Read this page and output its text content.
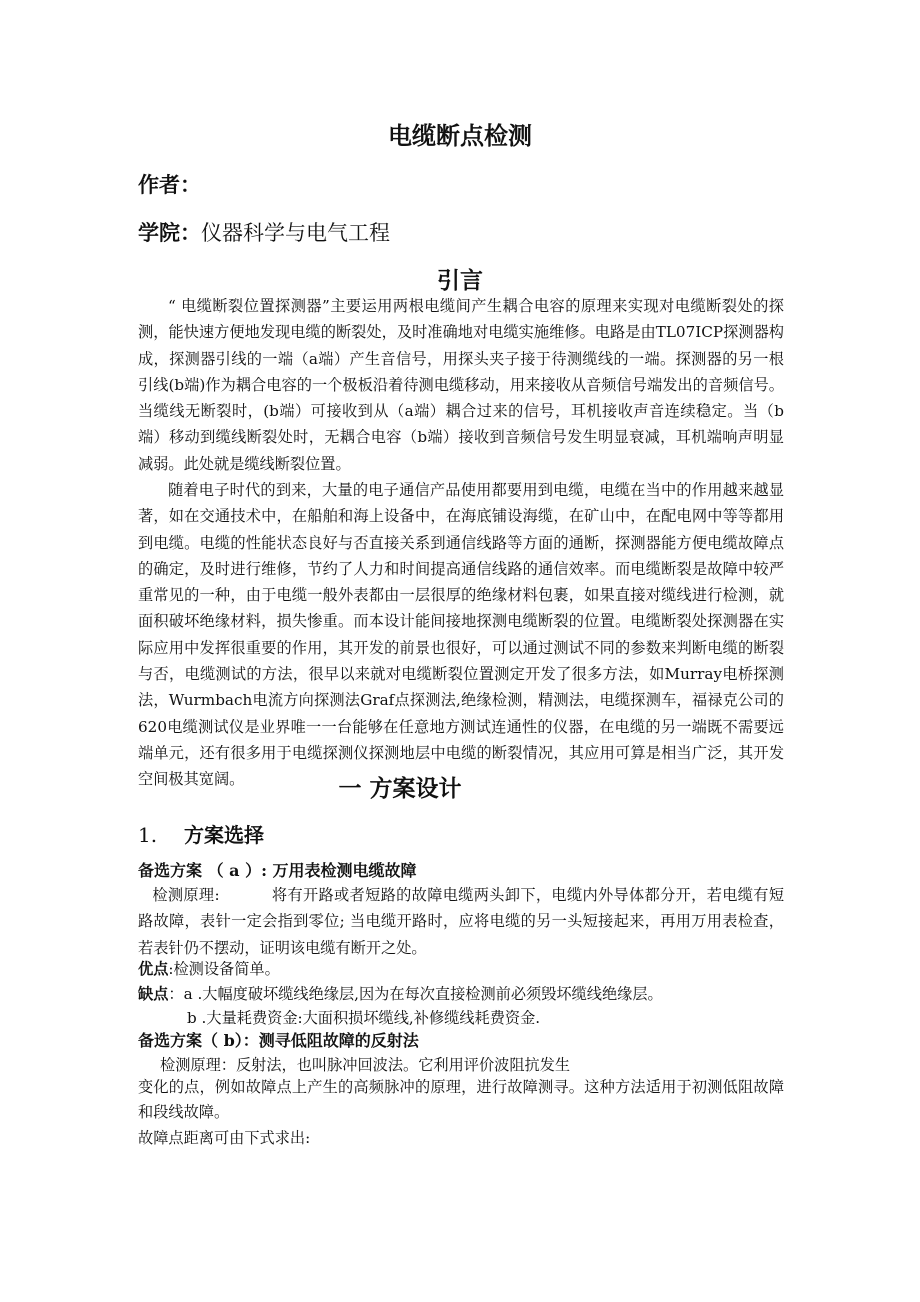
电缆断点检测
作者：
学院：仪器科学与电气工程
引言

“ 电缆断裂位置探测器”主要运用两根电缆间产生耦合电容的原理来实现对电缆断裂处的探测，能快速方便地发现电缆的断裂处，及时准确地对电缆实施维修。电路是由TL07ICP探测器构成，探测器引线的一端（a端）产生音信号，用探头夹子接于待测缆线的一端。探测器的另一根引线(b端)作为耦合电容的一个极板沿着待测电缆移动，用来接收从音频信号端发出的音频信号。当缆线无断裂时，(b端）可接收到从（a端）耦合过来的信号，耳机接收声音连续稳定。当（b端）移动到缆线断裂处时，无耦合电容（b端）接收到音频信号发生明显衰减，耳机端响声明显减弱。此处就是缆线断裂位置。

随着电子时代的到来，大量的电子通信产品使用都要用到电缆，电缆在当中的作用越来越显著，如在交通技术中，在船舶和海上设备中，在海底铺设海缆，在矿山中，在配电网中等等都用到电缆。电缆的性能状态良好与否直接关系到通信线路等方面的通断，探测器能方便电缆故障点的确定，及时进行维修，节约了人力和时间提高通信线路的通信效率。而电缆断裂是故障中较严重常见的一种，由于电缆一般外表都由一层很厚的绝缘材料包裹，如果直接对缆线进行检测，就面积破坏绝缘材料，损失惨重。而本设计能间接地探测电缆断裂的位置。电缆断裂处探测器在实际应用中发挥很重要的作用，其开发的前景也很好，可以通过测试不同的参数来判断电缆的断裂与否，电缆测试的方法，很早以来就对电缆断裂位置测定开发了很多方法，如Murray电桥探测法，Wurmbach电流方向探测法Graf点探测法,绝缘检测，精测法，电缆探测车，福禄克公司的620电缆测试仪是业界唯一一台能够在任意地方测试连通性的仪器，在电缆的另一端既不需要远端单元，还有很多用于电缆探测仪探测地层中电缆的断裂情况，其应用可算是相当广泛，其开发空间极其宽阔。	一 方案设计
1. 方案选择
备选方案 （ a ）: 万用表检测电缆故障

检测原理:	将有开路或者短路的故障电缆两头卸下，电缆内外导体都分开，若电缆有短路故障，表针一定会指到零位; 当电缆开路时，应将电缆的另一头短接起来，再用万用表检查，若表针仍不摆动，证明该电缆有断开之处。

优点:检测设备简单。
缺点：a .大幅度破坏缆线绝缘层,因为在每次直接检测前必须毁坏缆线绝缘层。
b .大量耗费资金:大面积损坏缆线,补修缆线耗费资金.
备选方案（ b）：测寻低阻故障的反射法
检测原理：反射法，也叫脉冲回波法。它利用评价波阻抗发生

变化的点，例如故障点上产生的高频脉冲的原理，进行故障测寻。这种方法适用于初测低阻故障和段线故障。

故障点距离可由下式求出:
